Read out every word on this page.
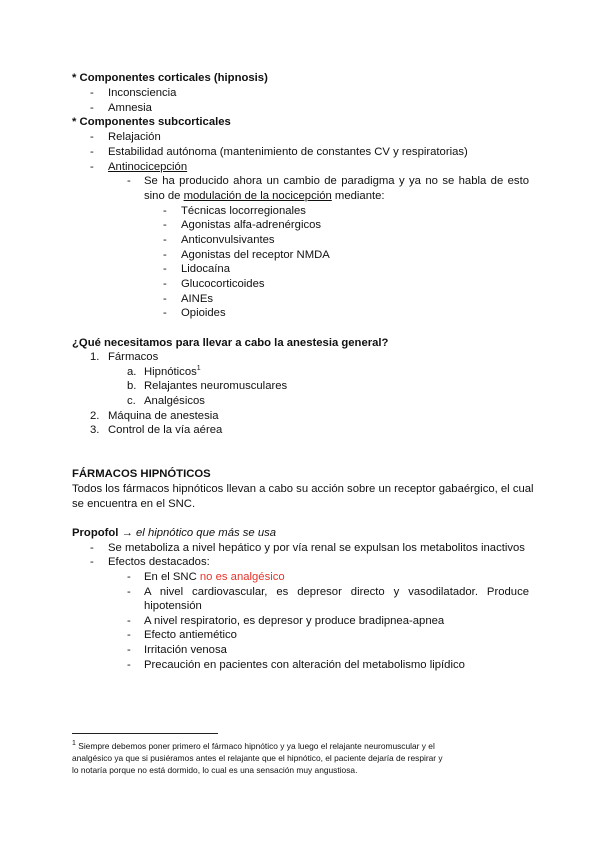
* Componentes corticales (hipnosis)
- Inconsciencia
- Amnesia
* Componentes subcorticales
- Relajación
- Estabilidad autónoma (mantenimiento de constantes CV y respiratorias)
- Antinocicepción
- Se ha producido ahora un cambio de paradigma y ya no se habla de esto
sino de modulación de la nocicepción mediante:
- Técnicas locorregionales
- Agonistas alfa-adrenérgicos
- Anticonvulsivantes
- Agonistas del receptor NMDA
- Lidocaína
- Glucocorticoides
- AINEs
- Opioides
¿Qué necesitamos para llevar a cabo la anestesia general?
1. Fármacos
a. Hipnóticos$^1$
b. Relajantes neuromusculares
c. Analgésicos
2. Máquina de anestesia
3. Control de la vía aérea
FÁRMACOS HIPNÓTICOS
Todos los fármacos hipnóticos llevan a cabo su acción sobre un receptor gabaérgico, el cual
se encuentra en el SNC.
Propofol → el hipnótico que más se usa
- Se metaboliza a nivel hepático y por vía renal se expulsan los metabolitos inactivos
- Efectos destacados:
- En el SNC no es analgésico
- A nivel cardiovascular, es depresor directo y vasodilatador. Produce
hipotensión
- A nivel respiratorio, es depresor y produce bradipnea-apnea
- Efecto antiemético
- Irritación venosa
- Precaución en pacientes con alteración del metabolismo lipídico
$^1$ Siempre debemos poner primero el fármaco hipnótico y ya luego el relajante neuromuscular y el
analgésico ya que si pusiéramos antes el relajante que el hipnótico, el paciente dejaría de respirar y
lo notaría porque no está dormido, lo cual es una sensación muy angustiosa.
